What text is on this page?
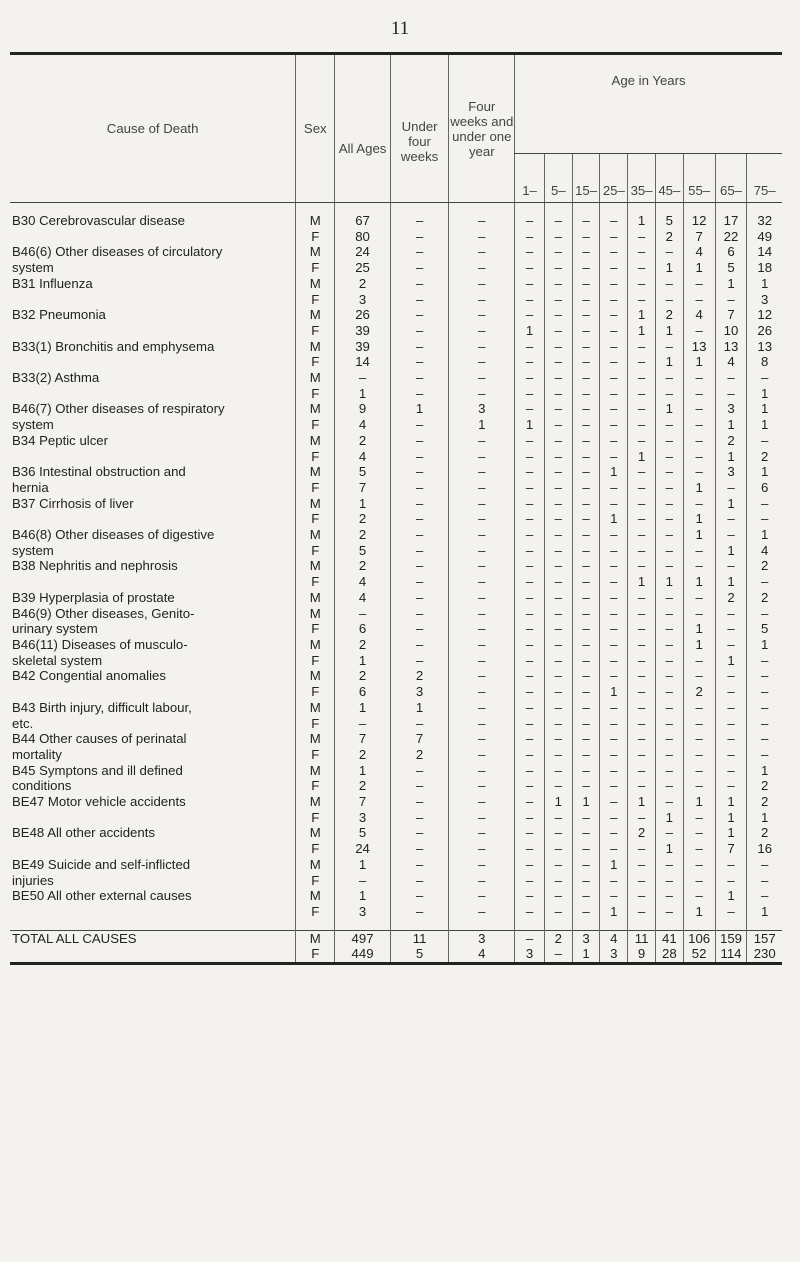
11
Cause of Death	Sex	All Ages	Under four weeks	Four weeks and under one year	Age in Years								
					1–	5–	15–	25–	35–	45–	55–	65–	75–

B30 Cerebrovascular disease	M	67	–	–	–	–	–	–	1	5	12	17	32
	F	80	–	–	–	–	–	–	–	2	7	22	49
B46(6) Other diseases of circulatory	M	24	–	–	–	–	–	–	–	–	4	6	14
system	F	25	–	–	–	–	–	–	–	1	1	5	18
B31 Influenza	M	2	–	–	–	–	–	–	–	–	–	1	1
	F	3	–	–	–	–	–	–	–	–	–	–	3
B32 Pneumonia	M	26	–	–	–	–	–	–	1	2	4	7	12
	F	39	–	–	1	–	–	–	1	1	–	10	26
B33(1) Bronchitis and emphysema	M	39	–	–	–	–	–	–	–	–	13	13	13
	F	14	–	–	–	–	–	–	–	1	1	4	8
B33(2) Asthma	M	–	–	–	–	–	–	–	–	–	–	–	–
	F	1	–	–	–	–	–	–	–	–	–	–	1
B46(7) Other diseases of respiratory	M	9	1	3	–	–	–	–	–	1	–	3	1
system	F	4	–	1	1	–	–	–	–	–	–	1	1
B34 Peptic ulcer	M	2	–	–	–	–	–	–	–	–	–	2	–
	F	4	–	–	–	–	–	–	1	–	–	1	2
B36 Intestinal obstruction and	M	5	–	–	–	–	–	1	–	–	–	3	1
hernia	F	7	–	–	–	–	–	–	–	–	1	–	6
B37 Cirrhosis of liver	M	1	–	–	–	–	–	–	–	–	–	1	–
	F	2	–	–	–	–	–	1	–	–	1	–	–
B46(8) Other diseases of digestive	M	2	–	–	–	–	–	–	–	–	1	–	1
system	F	5	–	–	–	–	–	–	–	–	–	1	4
B38 Nephritis and nephrosis	M	2	–	–	–	–	–	–	–	–	–	–	2
	F	4	–	–	–	–	–	–	1	1	1	1	–
B39 Hyperplasia of prostate	M	4	–	–	–	–	–	–	–	–	–	2	2
B46(9) Other diseases, Genito-	M	–	–	–	–	–	–	–	–	–	–	–	–
urinary system	F	6	–	–	–	–	–	–	–	–	1	–	5
B46(11) Diseases of musculo-	M	2	–	–	–	–	–	–	–	–	1	–	1
skeletal system	F	1	–	–	–	–	–	–	–	–	–	1	–
B42 Congential anomalies	M	2	2	–	–	–	–	–	–	–	–	–	–
	F	6	3	–	–	–	–	1	–	–	2	–	–
B43 Birth injury, difficult labour,	M	1	1	–	–	–	–	–	–	–	–	–	–
etc.	F	–	–	–	–	–	–	–	–	–	–	–	–
B44 Other causes of perinatal	M	7	7	–	–	–	–	–	–	–	–	–	–
mortality	F	2	2	–	–	–	–	–	–	–	–	–	–
B45 Symptons and ill defined	M	1	–	–	–	–	–	–	–	–	–	–	1
conditions	F	2	–	–	–	–	–	–	–	–	–	–	2
BE47 Motor vehicle accidents	M	7	–	–	–	1	1	–	1	–	1	1	2
	F	3	–	–	–	–	–	–	–	1	–	1	1
BE48 All other accidents	M	5	–	–	–	–	–	–	2	–	–	1	2
	F	24	–	–	–	–	–	–	–	1	–	7	16
BE49 Suicide and self-inflicted	M	1	–	–	–	–	–	1	–	–	–	–	–
injuries	F	–	–	–	–	–	–	–	–	–	–	–	–
BE50 All other external causes	M	1	–	–	–	–	–	–	–	–	–	1	–
	F	3	–	–	–	–	–	1	–	–	1	–	1

TOTAL ALL CAUSES	M	497	11	3	–	2	3	4	11	41	106	159	157
	F	449	5	4	3	–	1	3	9	28	52	114	230
